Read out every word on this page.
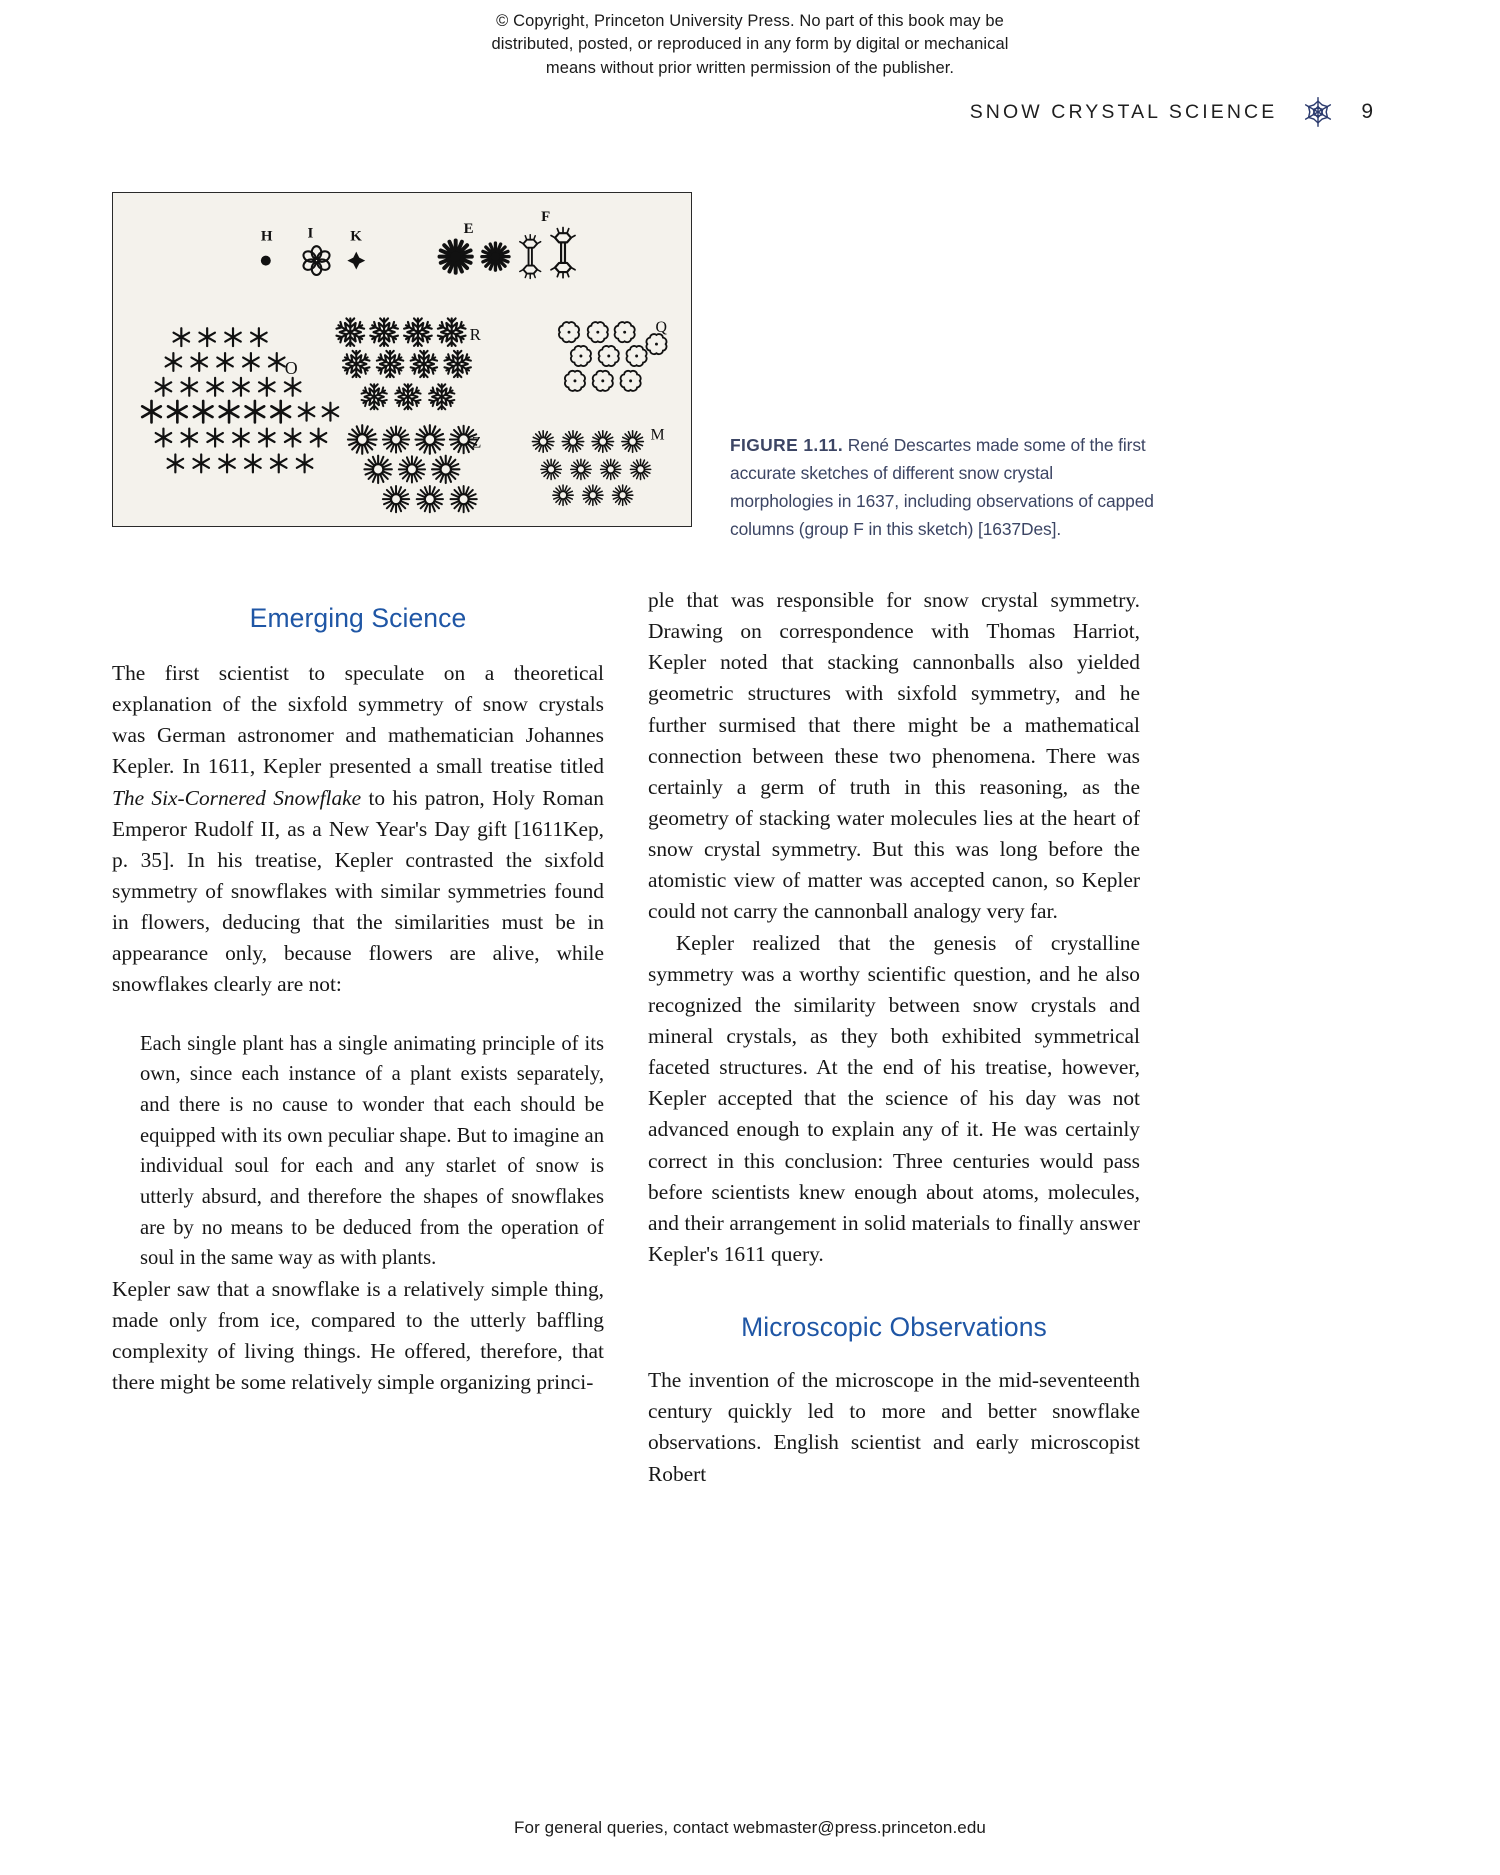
© Copyright, Princeton University Press. No part of this book may be
distributed, posted, or reproduced in any form by digital or mechanical
means without prior written permission of the publisher.
SNOW CRYSTAL SCIENCE	9
H I K	E
F
O
R
Z
Q
M	FIGURE 1.11. René Descartes made some of the first accurate sketches of different snow crystal morphologies in 1637, including observations of capped columns (group F in this sketch) [1637Des].
Emerging Science

The first scientist to speculate on a theoretical explanation of the sixfold symmetry of snow crystals was German astronomer and mathematician Johannes Kepler. In 1611, Kepler presented a small treatise titled The Six-Cornered Snowflake to his patron, Holy Roman Emperor Rudolf II, as a New Year's Day gift [1611Kep, p. 35]. In his treatise, Kepler contrasted the sixfold symmetry of snowflakes with similar symmetries found in flowers, deducing that the similarities must be in appearance only, because flowers are alive, while snowflakes clearly are not:

Each single plant has a single animating principle of its own, since each instance of a plant exists separately, and there is no cause to wonder that each should be equipped with its own peculiar shape. But to imagine an individual soul for each and any starlet of snow is utterly absurd, and therefore the shapes of snowflakes are by no means to be deduced from the operation of soul in the same way as with plants.

Kepler saw that a snowflake is a relatively simple thing, made only from ice, compared to the utterly baffling complexity of living things. He offered, therefore, that there might be some relatively simple organizing princi-

ple that was responsible for snow crystal symmetry. Drawing on correspondence with Thomas Harriot, Kepler noted that stacking cannonballs also yielded geometric structures with sixfold symmetry, and he further surmised that there might be a mathematical connection between these two phenomena. There was certainly a germ of truth in this reasoning, as the geometry of stacking water molecules lies at the heart of snow crystal symmetry. But this was long before the atomistic view of matter was accepted canon, so Kepler could not carry the cannonball analogy very far.

Kepler realized that the genesis of crystalline symmetry was a worthy scientific question, and he also recognized the similarity between snow crystals and mineral crystals, as they both exhibited symmetrical faceted structures. At the end of his treatise, however, Kepler accepted that the science of his day was not advanced enough to explain any of it. He was certainly correct in this conclusion: Three centuries would pass before scientists knew enough about atoms, molecules, and their arrangement in solid materials to finally answer Kepler's 1611 query.

Microscopic Observations

The invention of the microscope in the mid-seventeenth century quickly led to more and better snowflake observations. English scientist and early microscopist Robert

For general queries, contact webmaster@press.princeton.edu
